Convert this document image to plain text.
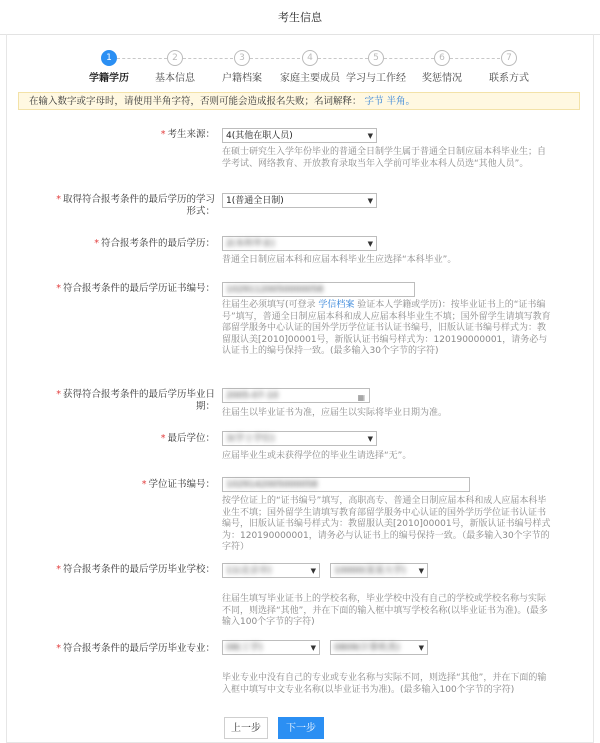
考生信息
1
学籍学历
2
基本信息
3
户籍档案
4
家庭主要成员
5
学习与工作经
6
奖惩情况
7
联系方式
在输入数字或字母时，请使用半角字符，否则可能会造成报名失败；名词解释： 字节 半角。
* 考生来源：	4(其他在职人员)	▼
在硕士研究生入学年份毕业的普通全日制学生属于普通全日制应届本科毕业生；自学考试、网络教育、开放教育录取当年入学前可毕业本科人员选“其他人员”。
* 取得符合报考条件的最后学历的学习形式：
1(普通全日制)	▼
* 符合报考条件的最后学历：	2(本科毕业)	▼
普通全日制应届本科和应届本科毕业生应选择“本科毕业”。
* 符合报考条件的最后学历证书编号：	10291120050000058
往届生必须填写(可登录 学信档案 验证本人学籍或学历)：按毕业证书上的“证书编号”填写，普通全日制应届本科和成人应届本科毕业生不填；国外留学生请填写教育部留学服务中心认证的国外学历学位证书认证书编号，旧版认证书编号样式为：教留服认美[2010]00001号，新版认证书编号样式为：120190000001，请务必与认证书上的编号保持一致。(最多输入30个字节的字符)
* 获得符合报考条件的最后学历毕业日期：
2005-07-10	▦
往届生以毕业证书为准，应届生以实际将毕业日期为准。
* 最后学位：	3(学士学位)	▼
应届毕业生或未获得学位的毕业生请选择“无”。
* 学位证书编号：	1029142005000058
按学位证上的“证书编号”填写，高职高专、普通全日制应届本科和成人应届本科毕业生不填；国外留学生请填写教育部留学服务中心认证的国外学历学位证书认证书编号，旧版认证书编号样式为：教留服认美[2010]00001号，新版认证书编号样式为：120190000001，请务必与认证书上的编号保持一致。（最多输入30个字节的字符）
* 符合报考条件的最后学历毕业学校：	11(北京市)	▼	10000(某某大学) ▼
往届生填写毕业证书上的学校名称，毕业学校中没有自己的学校或学校名称与实际不同，则选择“其他”，并在下面的输入框中填写学校名称(以毕业证书为准)。(最多输入100个字节的字符)
* 符合报考条件的最后学历毕业专业：	08(工学)	▼	0809(计算机类)	▼
毕业专业中没有自己的专业或专业名称与实际不同，则选择“其他”，并在下面的输入框中填写中文专业名称(以毕业证书为准)。(最多输入100个字节的字符)
上一步	下一步
